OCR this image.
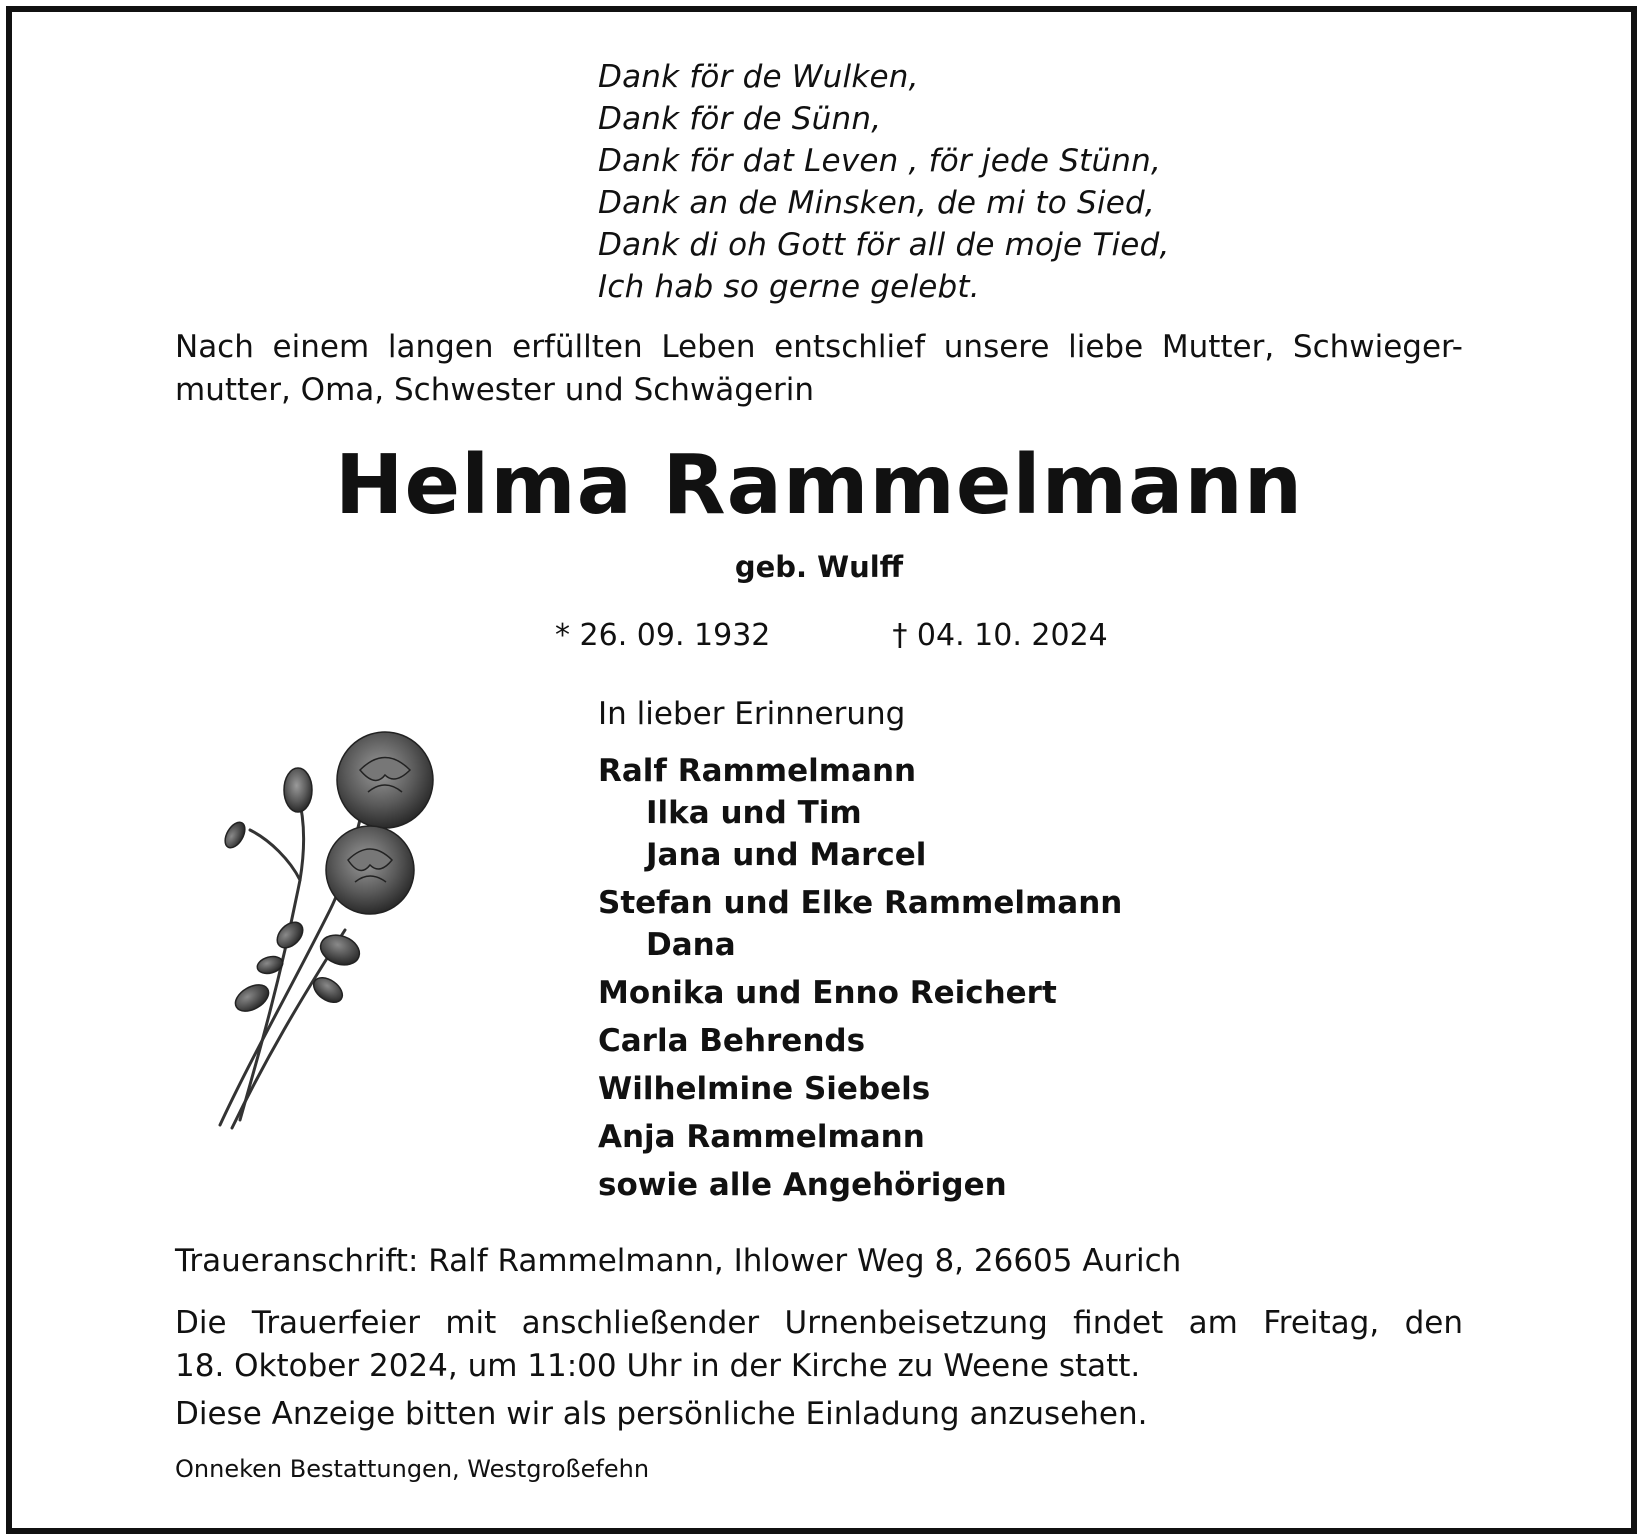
Dank för de Wulken,
Dank för de Sünn,
Dank för dat Leven , för jede Stünn,
Dank an de Minsken, de mi to Sied,
Dank di oh Gott för all de moje Tied,
Ich hab so gerne gelebt.
Nach einem langen erfüllten Leben entschlief unsere liebe Mutter, Schwieger-
mutter, Oma, Schwester und Schwägerin
Helma Rammelmann
geb. Wulff
* 26. 09. 1932	† 04. 10. 2024
In lieber Erinnerung
Ralf Rammelmann
Ilka und Tim
Jana und Marcel
Stefan und Elke Rammelmann
Dana
Monika und Enno Reichert
Carla Behrends
Wilhelmine Siebels
Anja Rammelmann
sowie alle Angehörigen
Traueranschrift: Ralf Rammelmann, Ihlower Weg 8, 26605 Aurich
Die Trauerfeier mit anschließender Urnenbeisetzung findet am Freitag, den
18. Oktober 2024, um 11:00 Uhr in der Kirche zu Weene statt.
Diese Anzeige bitten wir als persönliche Einladung anzusehen.
Onneken Bestattungen, Westgroßefehn
